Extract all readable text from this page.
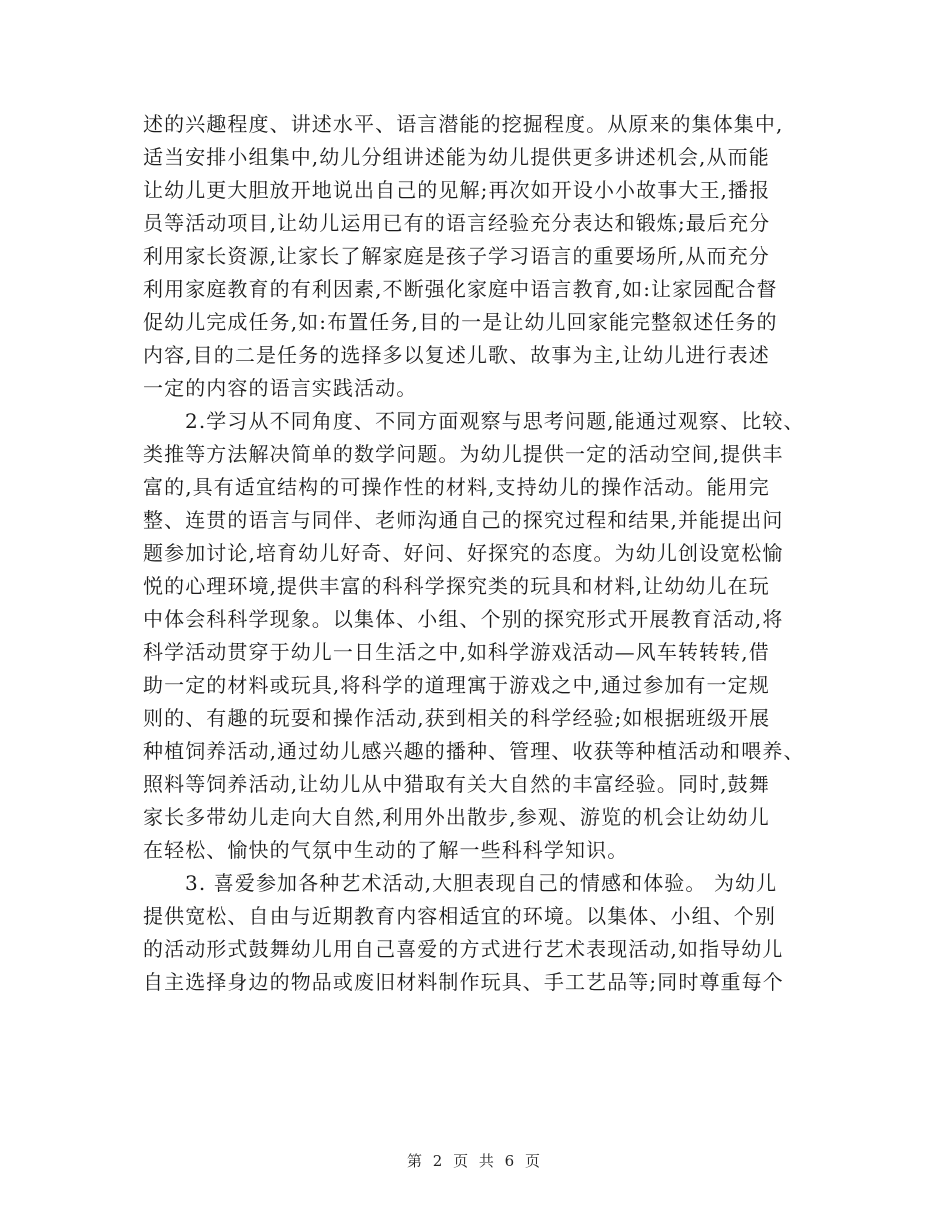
述的兴趣程度、讲述水平、语言潜能的挖掘程度。从原来的集体集中,
适当安排小组集中,幼儿分组讲述能为幼儿提供更多讲述机会,从而能
让幼儿更大胆放开地说出自己的见解;再次如开设小小故事大王,播报
员等活动项目,让幼儿运用已有的语言经验充分表达和锻炼;最后充分
利用家长资源,让家长了解家庭是孩子学习语言的重要场所,从而充分
利用家庭教育的有利因素,不断强化家庭中语言教育,如:让家园配合督
促幼儿完成任务,如:布置任务,目的一是让幼儿回家能完整叙述任务的
内容,目的二是任务的选择多以复述儿歌、故事为主,让幼儿进行表述
一定的内容的语言实践活动。
2.学习从不同角度、不同方面观察与思考问题,能通过观察、比较、
类推等方法解决简单的数学问题。为幼儿提供一定的活动空间,提供丰
富的,具有适宜结构的可操作性的材料,支持幼儿的操作活动。能用完
整、连贯的语言与同伴、老师沟通自己的探究过程和结果,并能提出问
题参加讨论,培育幼儿好奇、好问、好探究的态度。为幼儿创设宽松愉
悦的心理环境,提供丰富的科科学探究类的玩具和材料,让幼幼儿在玩
中体会科科学现象。以集体、小组、个别的探究形式开展教育活动,将
科学活动贯穿于幼儿一日生活之中,如科学游戏活动—风车转转转,借
助一定的材料或玩具,将科学的道理寓于游戏之中,通过参加有一定规
则的、有趣的玩耍和操作活动,获到相关的科学经验;如根据班级开展
种植饲养活动,通过幼儿感兴趣的播种、管理、收获等种植活动和喂养、
照料等饲养活动,让幼儿从中猎取有关大自然的丰富经验。同时,鼓舞
家长多带幼儿走向大自然,利用外出散步,参观、游览的机会让幼幼儿
在轻松、愉快的气氛中生动的了解一些科科学知识。
3. 喜爱参加各种艺术活动,大胆表现自己的情感和体验。 为幼儿
提供宽松、自由与近期教育内容相适宜的环境。以集体、小组、个别
的活动形式鼓舞幼儿用自己喜爱的方式进行艺术表现活动,如指导幼儿
自主选择身边的物品或废旧材料制作玩具、手工艺品等;同时尊重每个
第 2 页 共 6 页
